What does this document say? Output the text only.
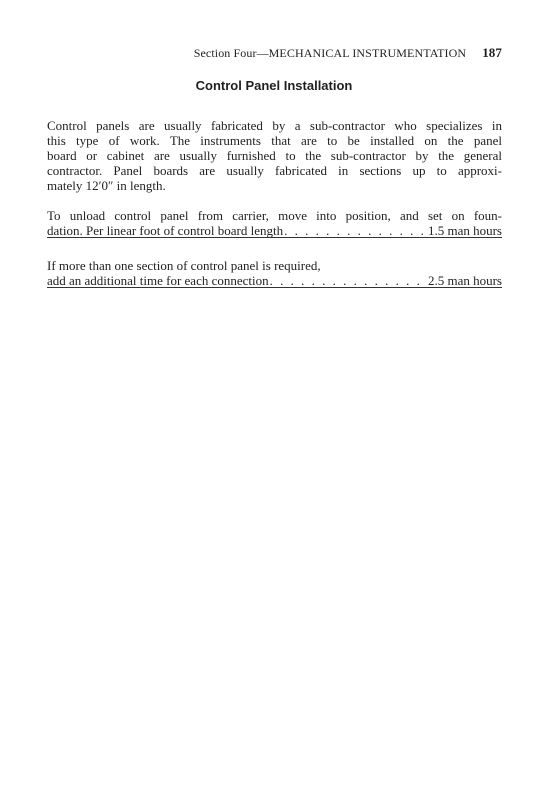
Section Four—MECHANICAL INSTRUMENTATION 187
Control Panel Installation
Control panels are usually fabricated by a sub-contractor who specializes in
this type of work. The instruments that are to be installed on the panel
board or cabinet are usually furnished to the sub-contractor by the general
contractor. Panel boards are usually fabricated in sections up to approxi-
mately 12′0″ in length.
To unload control panel from carrier, move into position, and set on foun-
dation. Per linear foot of control board length . . .	1.5 man hours
If more than one section of control panel is required,
add an additional time for each connection . . .	2.5 man hours
